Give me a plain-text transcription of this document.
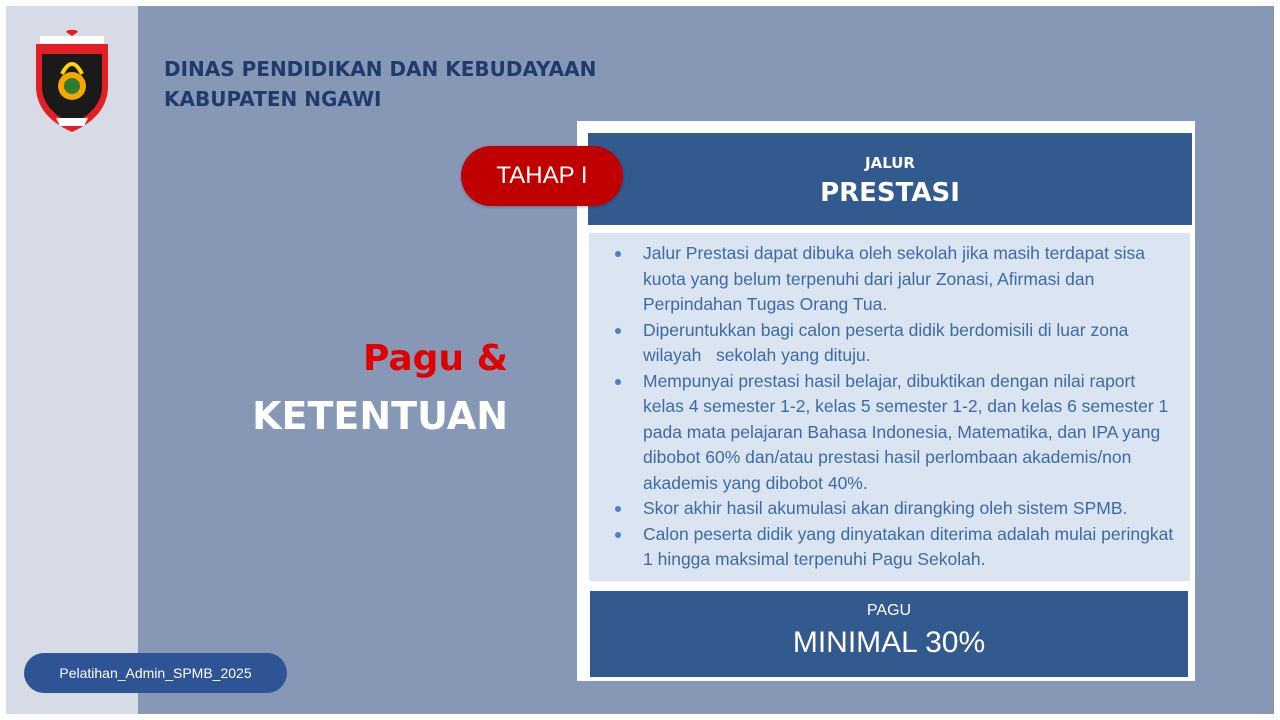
DINAS PENDIDIKAN DAN KEBUDAYAAN
KABUPATEN NGAWI
Pagu &
KETENTUAN
JALUR
PRESTASI
Jalur Prestasi dapat dibuka oleh sekolah jika masih terdapat sisa kuota yang belum terpenuhi dari jalur Zonasi, Afirmasi dan Perpindahan Tugas Orang Tua.
Diperuntukkan bagi calon peserta didik berdomisili di luar zona wilayah   sekolah yang dituju.
Mempunyai prestasi hasil belajar, dibuktikan dengan nilai raport  kelas 4 semester 1-2, kelas 5 semester 1-2, dan kelas 6 semester 1 pada mata pelajaran Bahasa Indonesia, Matematika, dan IPA yang dibobot 60% dan/atau prestasi hasil perlombaan akademis/non akademis yang dibobot 40%.
Skor akhir hasil akumulasi akan dirangking oleh sistem SPMB.
Calon peserta didik yang dinyatakan diterima adalah mulai peringkat 1 hingga maksimal terpenuhi Pagu Sekolah.
PAGU
MINIMAL 30%
TAHAP I
Pelatihan_Admin_SPMB_2025
